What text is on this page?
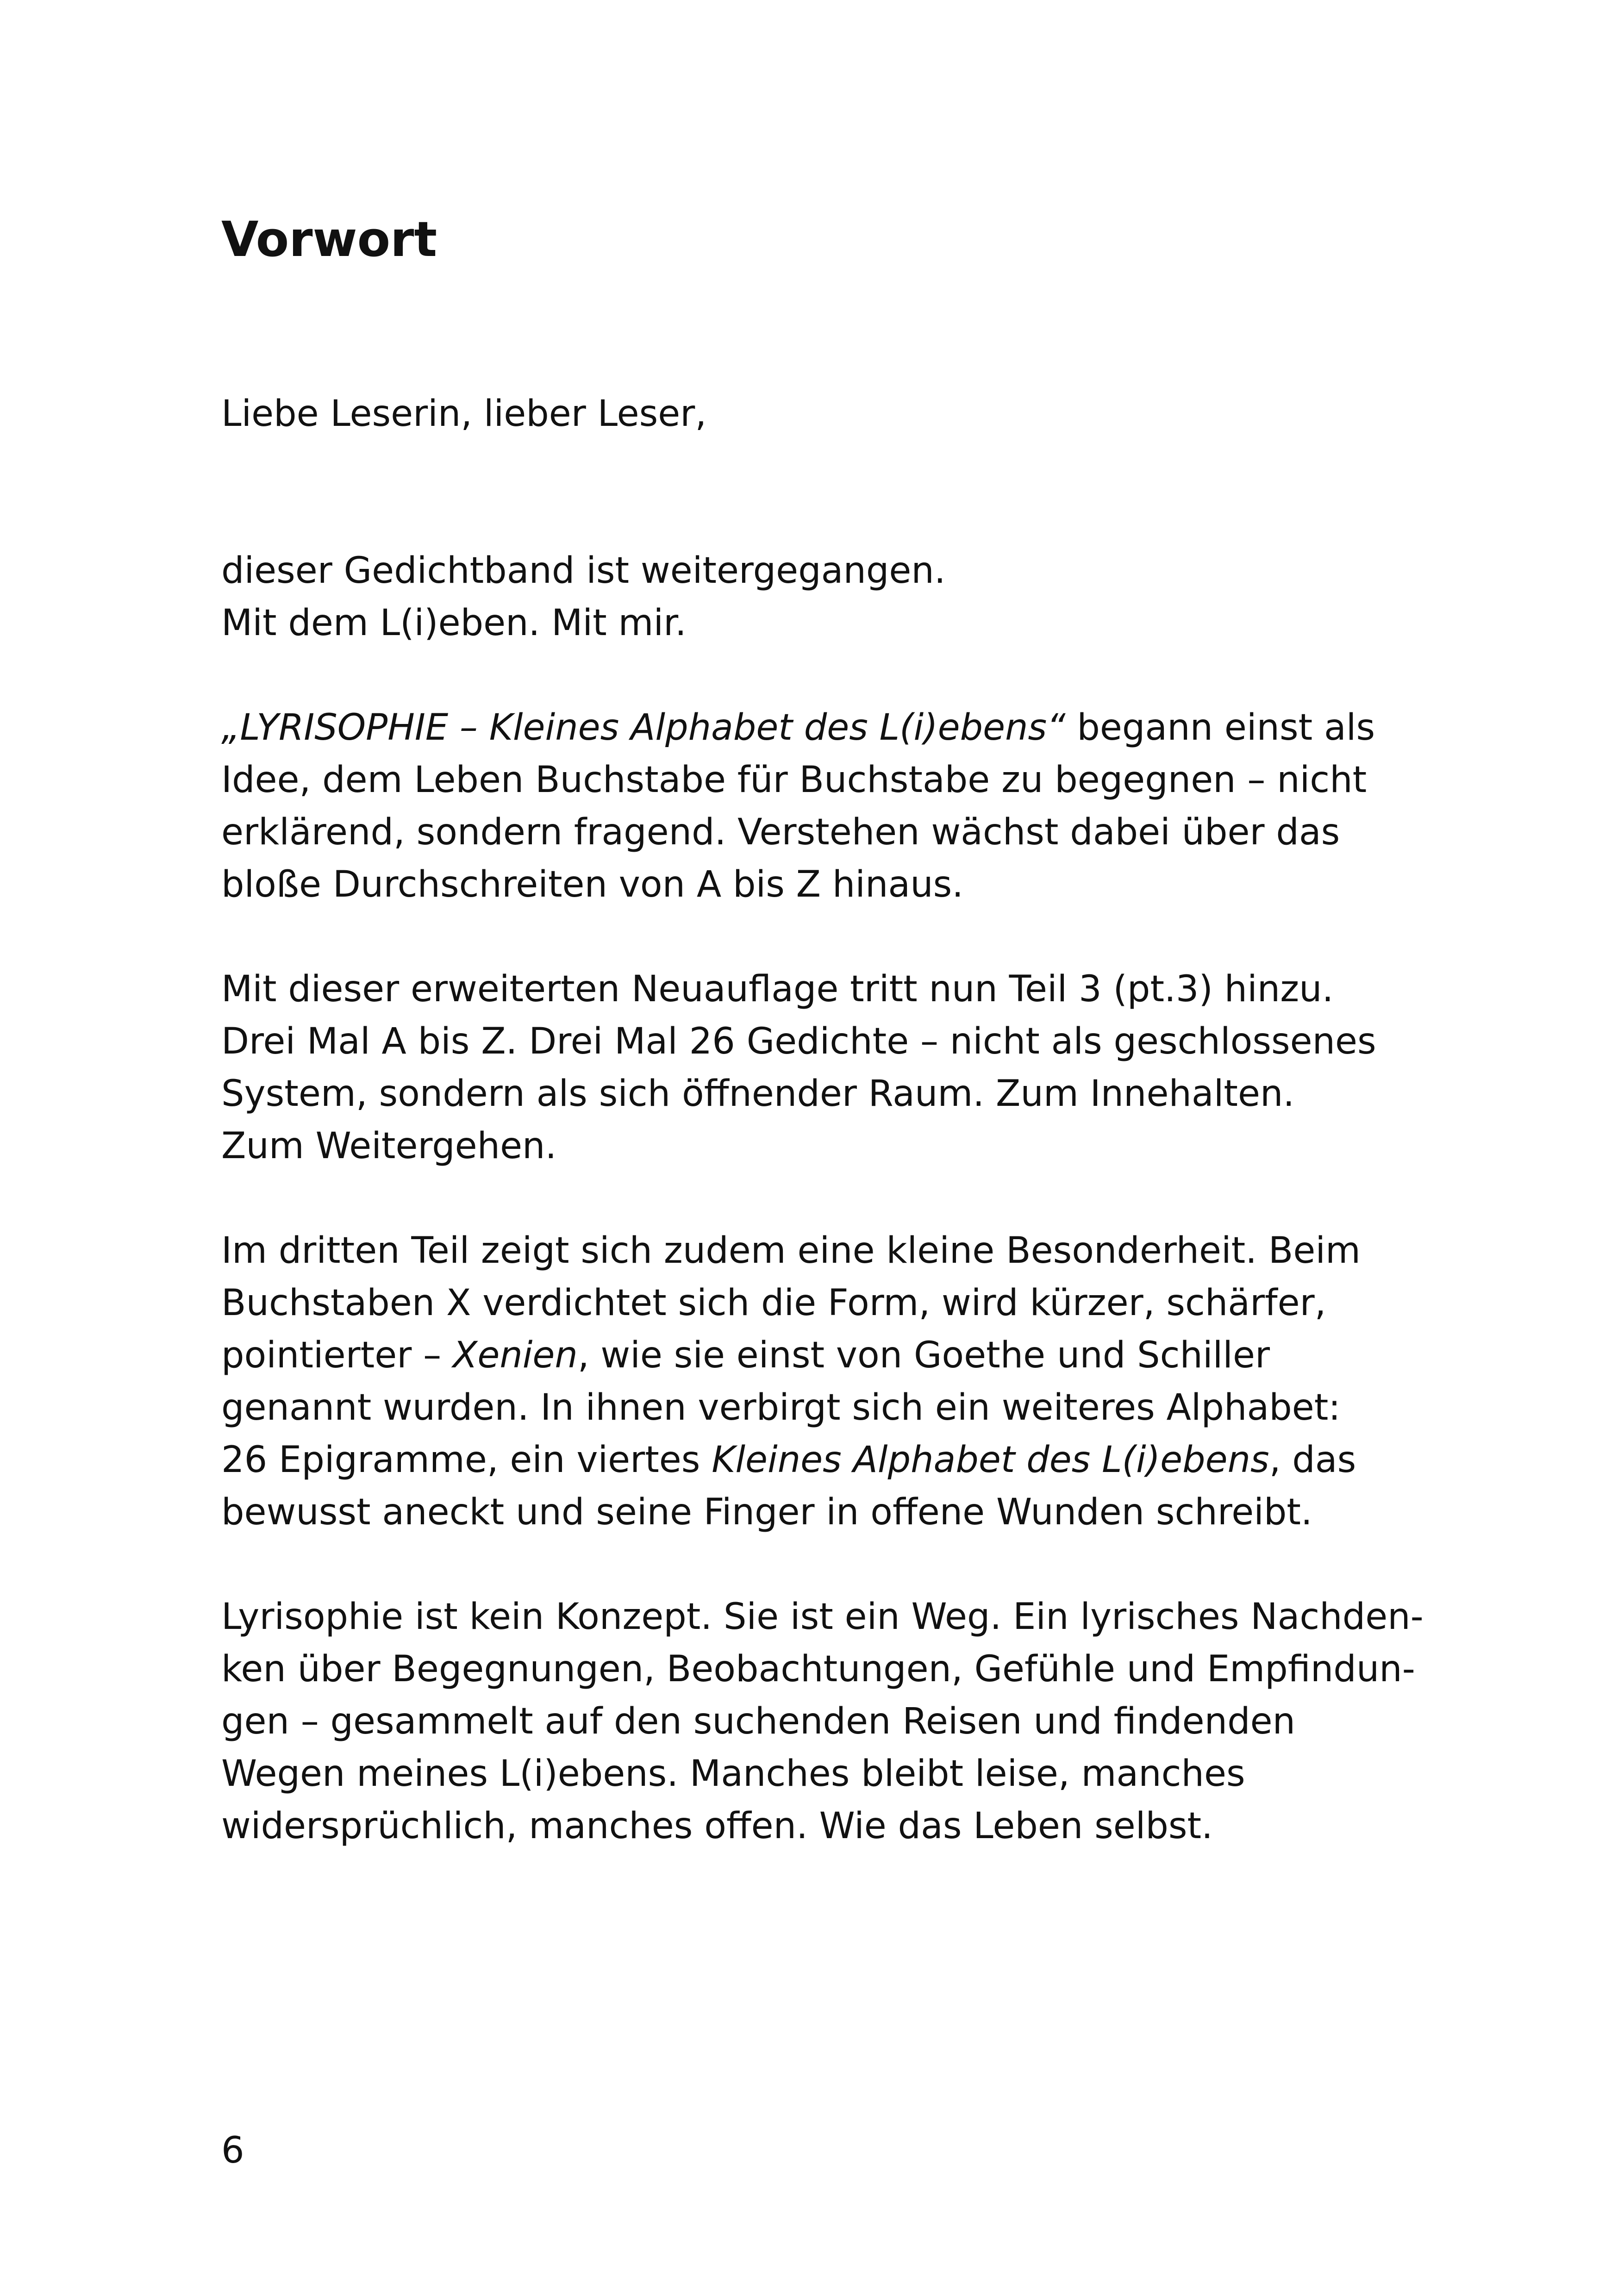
Vorwort
Liebe Leserin, lieber Leser,
dieser Gedichtband ist weitergegangen.
Mit dem L(i)eben. Mit mir.
„LYRISOPHIE – Kleines Alphabet des L(i)ebens“ begann einst als
Idee, dem Leben Buchstabe für Buchstabe zu begegnen – nicht
erklärend, sondern fragend. Verstehen wächst dabei über das
bloße Durchschreiten von A bis Z hinaus.
Mit dieser erweiterten Neuauflage tritt nun Teil 3 (pt.3) hinzu.
Drei Mal A bis Z. Drei Mal 26 Gedichte – nicht als geschlossenes
System, sondern als sich öffnender Raum. Zum Innehalten.
Zum Weitergehen.
Im dritten Teil zeigt sich zudem eine kleine Besonderheit. Beim
Buchstaben X verdichtet sich die Form, wird kürzer, schärfer,
pointierter – Xenien, wie sie einst von Goethe und Schiller
genannt wurden. In ihnen verbirgt sich ein weiteres Alphabet:
26 Epigramme, ein viertes Kleines Alphabet des L(i)ebens, das
bewusst aneckt und seine Finger in offene Wunden schreibt.
Lyrisophie ist kein Konzept. Sie ist ein Weg. Ein lyrisches Nachden-
ken über Begegnungen, Beobachtungen, Gefühle und Empfindun-
gen – gesammelt auf den suchenden Reisen und findenden
Wegen meines L(i)ebens. Manches bleibt leise, manches
widersprüchlich, manches offen. Wie das Leben selbst.
6
